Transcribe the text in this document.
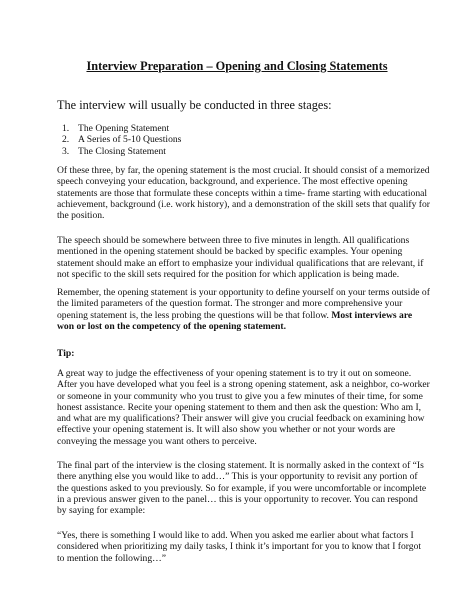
Interview Preparation – Opening and Closing Statements
The interview will usually be conducted in three stages:
1. The Opening Statement
2. A Series of 5-10 Questions
3. The Closing Statement

Of these three, by far, the opening statement is the most crucial. It should consist of a memorized
speech conveying your education, background, and experience. The most effective opening
statements are those that formulate these concepts within a time- frame starting with educational
achievement, background (i.e. work history), and a demonstration of the skill sets that qualify for
the position.

The speech should be somewhere between three to five minutes in length. All qualifications
mentioned in the opening statement should be backed by specific examples. Your opening
statement should make an effort to emphasize your individual qualifications that are relevant, if
not specific to the skill sets required for the position for which application is being made.

Remember, the opening statement is your opportunity to define yourself on your terms outside of
the limited parameters of the question format. The stronger and more comprehensive your
opening statement is, the less probing the questions will be that follow. Most interviews are
won or lost on the competency of the opening statement.

Tip:

A great way to judge the effectiveness of your opening statement is to try it out on someone.
After you have developed what you feel is a strong opening statement, ask a neighbor, co-worker
or someone in your community who you trust to give you a few minutes of their time, for some
honest assistance. Recite your opening statement to them and then ask the question: Who am I,
and what are my qualifications? Their answer will give you crucial feedback on examining how
effective your opening statement is. It will also show you whether or not your words are
conveying the message you want others to perceive.

The final part of the interview is the closing statement. It is normally asked in the context of “Is
there anything else you would like to add…” This is your opportunity to revisit any portion of
the questions asked to you previously. So for example, if you were uncomfortable or incomplete
in a previous answer given to the panel… this is your opportunity to recover. You can respond
by saying for example:

“Yes, there is something I would like to add. When you asked me earlier about what factors I
considered when prioritizing my daily tasks, I think it’s important for you to know that I forgot
to mention the following…”
